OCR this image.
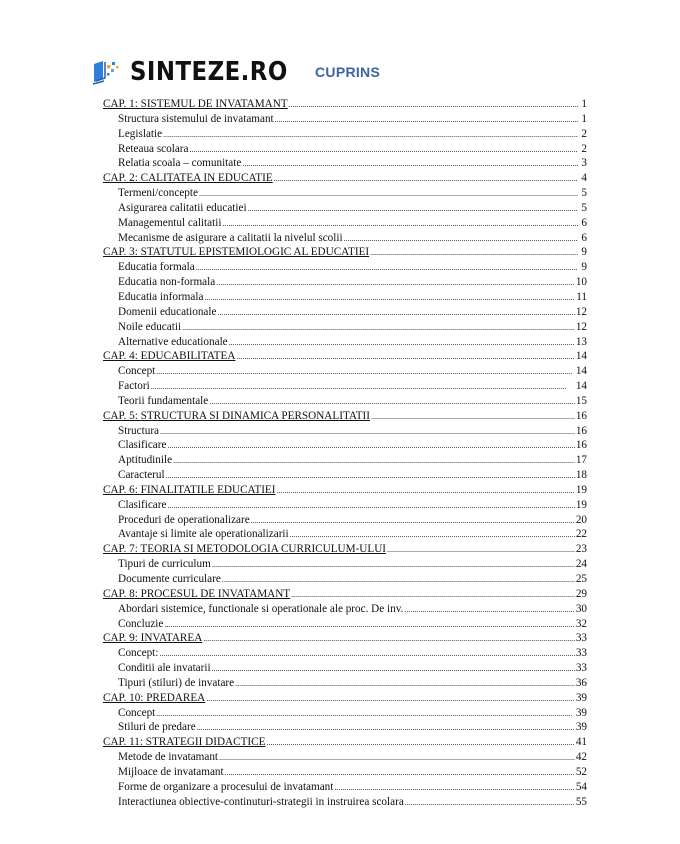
SINTEZE.RO CUPRINS
CAP. 1: SISTEMUL DE INVATAMANT .....	1
Structura sistemului de invatamant .....	1
Legislatie .....	2
Reteaua scolara .....	2
Relatia scoala – comunitate .....	3
CAP. 2: CALITATEA IN EDUCATIE .....	4
Termeni/concepte .....	5
Asigurarea calitatii educatiei .....	5
Managementul calitatii .....	6
Mecanisme de asigurare a calitatii la nivelul scolii .....	6
CAP. 3: STATUTUL EPISTEMIOLOGIC AL EDUCATIEI .....	9
Educatia formala .....	9
Educatia non-formala .....	10
Educatia informala .....	11
Domenii educationale .....	12
Noile educatii .....	12
Alternative educationale .....	13
CAP. 4: EDUCABILITATEA .....	14
Concept .....	14
Factori .....	14
Teorii fundamentale .....	15
CAP. 5: STRUCTURA SI DINAMICA PERSONALITATII .....	16
Structura .....	16
Clasificare .....	16
Aptitudinile .....	17
Caracterul .....	18
CAP. 6: FINALITATILE EDUCATIEI .....	19
Clasificare .....	19
Proceduri de operationalizare .....	20
Avantaje si limite ale operationalizarii .....	22
CAP. 7: TEORIA SI METODOLOGIA CURRICULUM-ULUI .....	23
Tipuri de curriculum .....	24
Documente curriculare .....	25
CAP. 8: PROCESUL DE INVATAMANT .....	29
Abordari sistemice, functionale si operationale ale proc. De inv. .....	30
Concluzie .....	32
CAP. 9: INVATAREA .....	33
Concept: .....	33
Conditii ale invatarii .....	33
Tipuri (stiluri) de invatare .....	36
CAP. 10: PREDAREA .....	39
Concept .....	39
Stiluri de predare .....	39
CAP. 11: STRATEGII DIDACTICE .....	41
Metode de invatamant .....	42
Mijloace de invatamant .....	52
Forme de organizare a procesului de invatamant .....	54
Interactiunea obiective-continuturi-strategii in instruirea scolara .....	55
